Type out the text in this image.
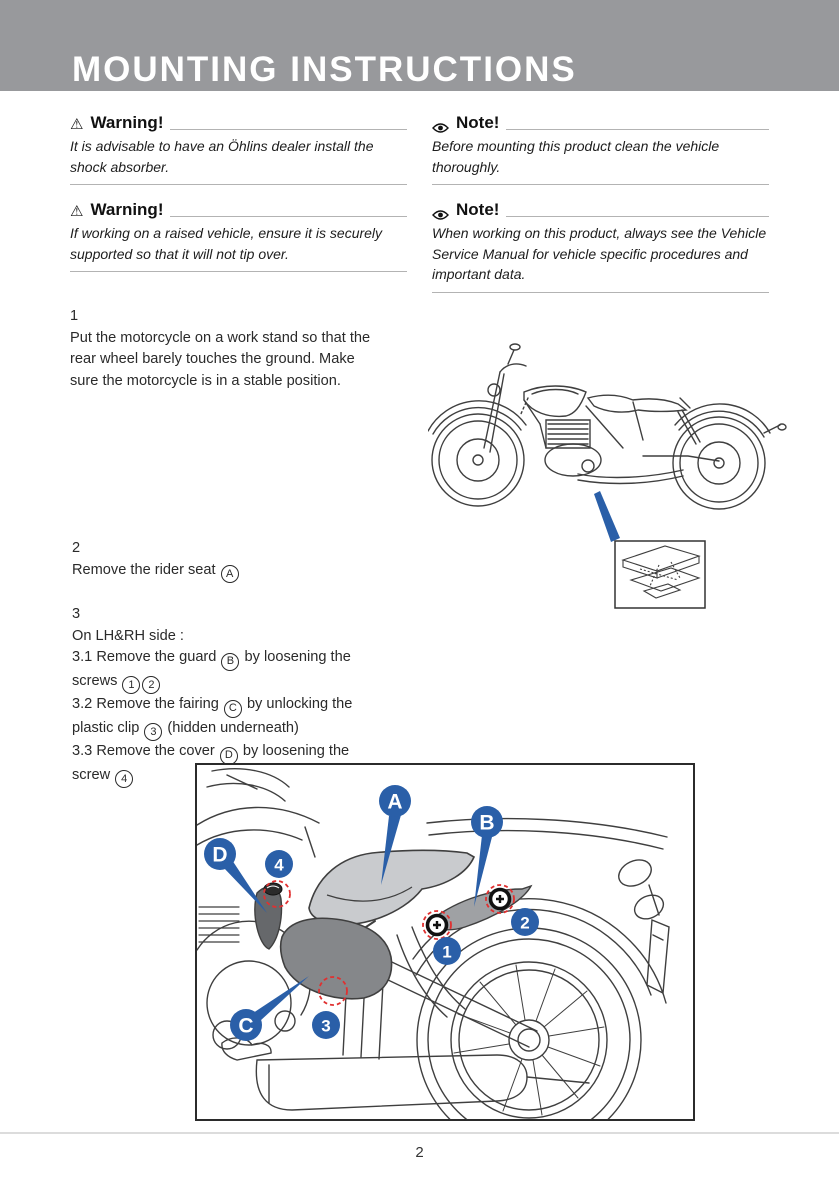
MOUNTING INSTRUCTIONS
⚠ Warning!
It is advisable to have an Öhlins dealer install the shock absorber.
⚠ Warning!
If working on a raised vehicle, ensure it is securely supported so that it will not tip over.
Note!
Before mounting this product clean the vehicle thoroughly.
Note!
When working on this product, always see the Vehicle Service Manual for vehicle specific procedures and important data.
1
Put the motorcycle on a work stand so that the
rear wheel barely touches the ground. Make
sure the motorcycle is in a stable position.
2
Remove the rider seat A
3
On LH&RH side :
3.1 Remove the guard B by loosening the
screws 1 2
3.2 Remove the fairing C by unlocking the
plastic clip 3 (hidden underneath)
3.3 Remove the cover D by loosening the
screw 4
A
B
C
D
1
2
3
4
2
